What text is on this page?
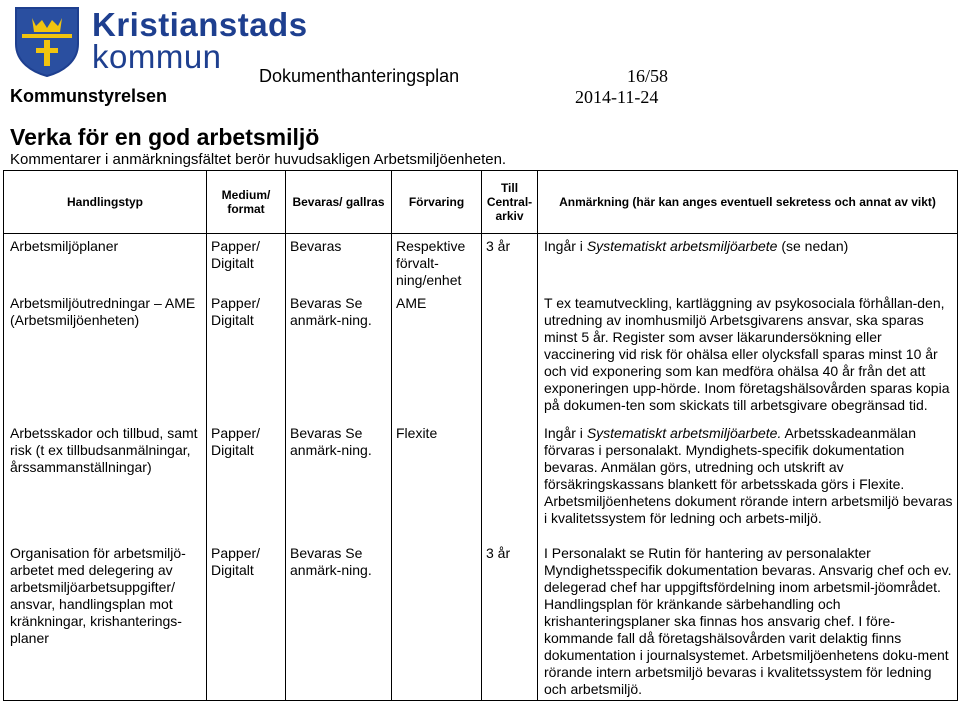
Kristianstads
kommun
Dokumenthanteringsplan	16/58
Kommunstyrelsen	2014-11-24
Verka för en god arbetsmiljö
Kommentarer i anmärkningsfältet berör huvudsakligen Arbetsmiljöenheten.
Handlingstyp	Medium/ format	Bevaras/ gallras	Förvaring	Till Central-arkiv	Anmärkning (här kan anges eventuell sekretess och annat av vikt)
Arbetsmiljöplaner	Papper/ Digitalt	Bevaras	Respektive förvalt-ning/enhet	3 år	Ingår i Systematiskt arbetsmiljöarbete (se nedan)
Arbetsmiljöutredningar – AME (Arbetsmiljöenheten)	Papper/ Digitalt	Bevaras Se anmärk-ning.	AME		T ex teamutveckling, kartläggning av psykosociala förhållan-den, utredning av inomhusmiljö Arbetsgivarens ansvar, ska sparas minst 5 år. Register som avser läkarundersökning eller vaccinering vid risk för ohälsa eller olycksfall sparas minst 10 år och vid exponering som kan medföra ohälsa 40 år från det att exponeringen upp-hörde. Inom företagshälsovården sparas kopia på dokumen-ten som skickats till arbetsgivare obegränsad tid.
Arbetsskador och tillbud, samt risk (t ex tillbudsanmälningar, årssammanställningar)	Papper/ Digitalt	Bevaras Se anmärk-ning.	Flexite		Ingår i Systematiskt arbetsmiljöarbete. Arbetsskadeanmälan förvaras i personalakt. Myndighets-specifik dokumentation bevaras. Anmälan görs, utredning och utskrift av försäkringskassans blankett för arbetsskada görs i Flexite. Arbetsmiljöenhetens dokument rörande intern arbetsmiljö bevaras i kvalitetssystem för ledning och arbets-miljö.
Organisation för arbetsmiljö-arbetet med delegering av arbetsmiljöarbetsuppgifter/ ansvar, handlingsplan mot kränkningar, krishanterings-planer	Papper/ Digitalt	Bevaras Se anmärk-ning.		3 år	I Personalakt se Rutin för hantering av personalakter Myndighetsspecifik dokumentation bevaras. Ansvarig chef och ev. delegerad chef har uppgiftsfördelning inom arbetsmil-jöområdet. Handlingsplan för kränkande särbehandling och krishanteringsplaner ska finnas hos ansvarig chef. I före-kommande fall då företagshälsovården varit delaktig finns dokumentation i journalsystemet. Arbetsmiljöenhetens doku-ment rörande intern arbetsmiljö bevaras i kvalitetssystem för ledning och arbetsmiljö.
